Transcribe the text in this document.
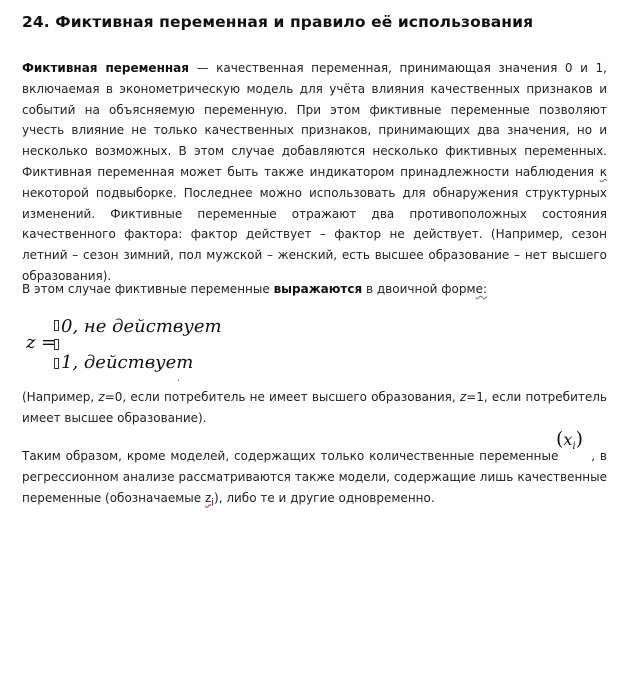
24. Фиктивная переменная и правило её использования
Фиктивная переменная — качественная переменная, принимающая значения 0 и 1, включаемая в эконометрическую модель для учёта влияния качественных признаков и событий на объясняемую переменную. При этом фиктивные переменные позволяют учесть влияние не только качественных признаков, принимающих два значения, но и несколько возможных. В этом случае добавляются несколько фиктивных переменных. Фиктивная переменная может быть также индикатором принадлежности наблюдения к некоторой подвыборке. Последнее можно использовать для обнаружения структурных изменений. Фиктивные переменные отражают два противоположных состояния качественного фактора: фактор действует – фактор не действует. (Например, сезон летний – сезон зимний, пол мужской – женский, есть высшее образование – нет высшего образования).
В этом случае фиктивные переменные выражаются в двоичной форме:
z =
0, не действует
1, действует
.
(Например, z=0, если потребитель не имеет высшего образования, z=1, если потребитель имеет высшее образование).
Таким образом, кроме моделей, содержащих только количественные переменные , в регрессионном анализе рассматриваются также модели, содержащие лишь качественные переменные (обозначаемые $z_i$), либо те и другие одновременно.
$(x_i)$
